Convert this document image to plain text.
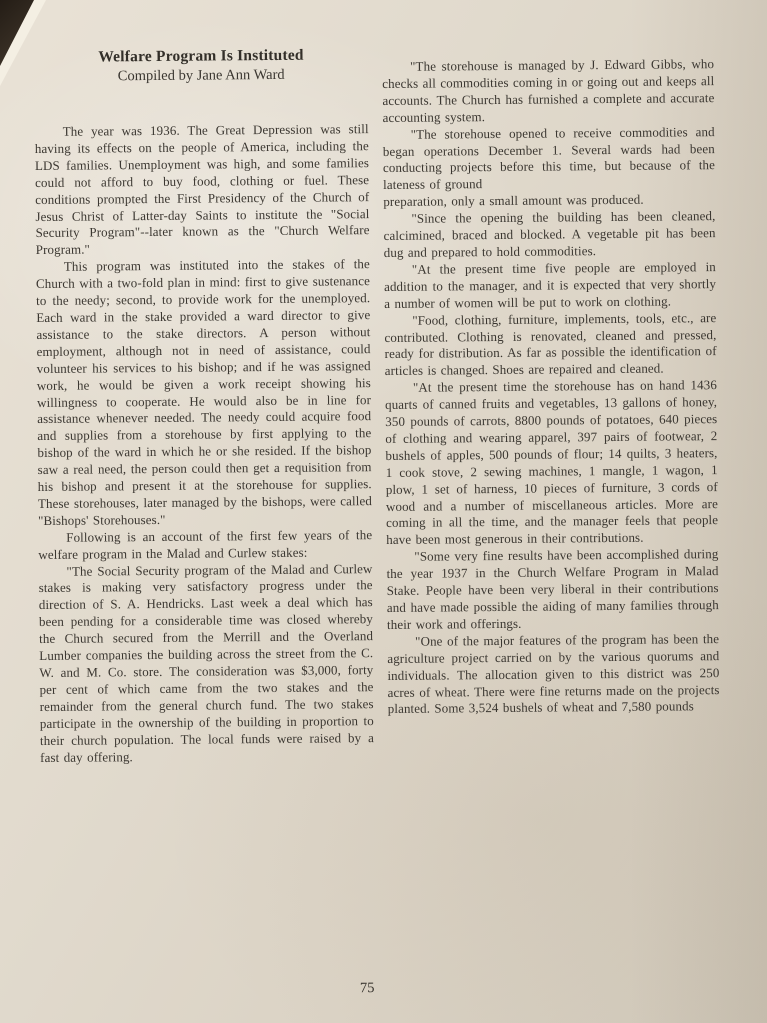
Welfare Program Is Instituted
Compiled by Jane Ann Ward

The year was 1936. The Great Depression was still having its effects on the people of America, including the LDS families. Unemployment was high, and some families could not afford to buy food, clothing or fuel. These conditions prompted the First Presidency of the Church of Jesus Christ of Latter-day Saints to institute the "Social Security Program"--later known as the "Church Welfare Program."

This program was instituted into the stakes of the Church with a two-fold plan in mind: first to give sustenance to the needy; second, to provide work for the unemployed. Each ward in the stake provided a ward director to give assistance to the stake directors. A person without employment, although not in need of assistance, could volunteer his services to his bishop; and if he was assigned work, he would be given a work receipt showing his willingness to cooperate. He would also be in line for assistance whenever needed. The needy could acquire food and supplies from a storehouse by first applying to the bishop of the ward in which he or she resided. If the bishop saw a real need, the person could then get a requisition from his bishop and present it at the storehouse for supplies. These storehouses, later managed by the bishops, were called "Bishops' Storehouses."

Following is an account of the first few years of the welfare program in the Malad and Curlew stakes:

"The Social Security program of the Malad and Curlew stakes is making very satisfactory progress under the direction of S. A. Hendricks. Last week a deal which has been pending for a considerable time was closed whereby the Church secured from the Merrill and the Overland Lumber companies the building across the street from the C. W. and M. Co. store. The consideration was $3,000, forty per cent of which came from the two stakes and the remainder from the general church fund. The two stakes participate in the ownership of the building in proportion to their church population. The local funds were raised by a fast day offering.

"The storehouse is managed by J. Edward Gibbs, who checks all commodities coming in or going out and keeps all accounts. The Church has furnished a complete and accurate accounting system.

"The storehouse opened to receive commodities and began operations December 1. Several wards had been conducting projects before this time, but because of the lateness of ground

preparation, only a small amount was produced.

"Since the opening the building has been cleaned, calcimined, braced and blocked. A vegetable pit has been dug and prepared to hold commodities.

"At the present time five people are employed in addition to the manager, and it is expected that very shortly a number of women will be put to work on clothing.

"Food, clothing, furniture, implements, tools, etc., are contributed. Clothing is renovated, cleaned and pressed, ready for distribution. As far as possible the identification of articles is changed. Shoes are repaired and cleaned.

"At the present time the storehouse has on hand 1436 quarts of canned fruits and vegetables, 13 gallons of honey, 350 pounds of carrots, 8800 pounds of potatoes, 640 pieces of clothing and wearing apparel, 397 pairs of footwear, 2 bushels of apples, 500 pounds of flour; 14 quilts, 3 heaters, 1 cook stove, 2 sewing machines, 1 mangle, 1 wagon, 1 plow, 1 set of harness, 10 pieces of furniture, 3 cords of wood and a number of miscellaneous articles. More are coming in all the time, and the manager feels that people have been most generous in their contributions.

"Some very fine results have been accomplished during the year 1937 in the Church Welfare Program in Malad Stake. People have been very liberal in their contributions and have made possible the aiding of many families through their work and offerings.

"One of the major features of the program has been the agriculture project carried on by the various quorums and individuals. The allocation given to this district was 250 acres of wheat. There were fine returns made on the projects planted. Some 3,524 bushels of wheat and 7,580 pounds

75
